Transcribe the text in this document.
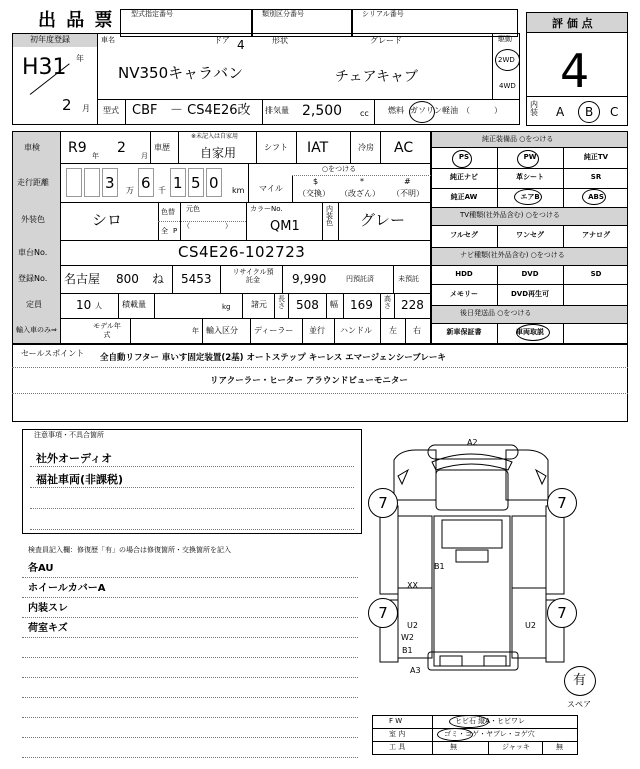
出 品 票 型式指定番号	類別区分番号	シリアル番号
評 価 点
4
内装 A B C
初年度登録
H31 年
2 月
車名
NV350キャラバン
ドア 4	形状	グレード
チェアキャブ
駆動
2WD
4WD
型式 CBF － CS4E26改 排気量 2,500 cc 燃料 ガソリン 軽油 （　　　）
車検 R9 年 2 月
車歴
※未記入は自家用
自家用	シフト IAT	冷房 AC
走行距離	3 6 1 5 0
万	千	km マイル
○をつける
$
（交換）
*
（改ざん）
#
（不明）
外装色	シロ	色替
全 P
元色
（　　　　　）
カラーNo.
QM1
内装色 グレー
車台No.	CS4E26-102723
登録No. 名古屋 800 ね 5453	リサイクル預託金	9,990	円預託済	未預託
定員	10 人	積載量	kg	諸元
長さ 508 幅 169 高さ 228
輸入車のみ⇒	モデル年式
年 輸入区分 ディーラー 並行 ハンドル 左 右
純正装備品 ○をつける
PS	PW	純正TV
純正ナビ	革シート	SR
純正AW	エアB	ABS
TV種類(社外品含む) ○をつける
フルセグ	ワンセグ	アナログ
ナビ種類(社外品含む) ○をつける
HDD	DVD	SD
メモリー	DVD再生可
後日発送品 ○をつける
新車保証書	車両取説
セールスポイント 全自動リフター 車いす固定装置(2基) オートステップ キーレス エマージェンシーブレーキ
リアクーラー・ヒーター アラウンドビューモニター
注意事項・不具合箇所
社外オーディオ
福祉車両(非課税)
検査員記入欄：修復歴「有」の場合は修復箇所・交換箇所を記入
各AU
ホイールカバーA
内装スレ
荷室キズ
A2
B1
XX
U2
W2
B1
U2
A3
7	7
7	7
有
スペア
F W	ヒビ石 縦A・ヒビワレ
室 内	ゴミ・コゲ・ヤブレ・コゲ穴
工 具	無	ジャッキ	無
